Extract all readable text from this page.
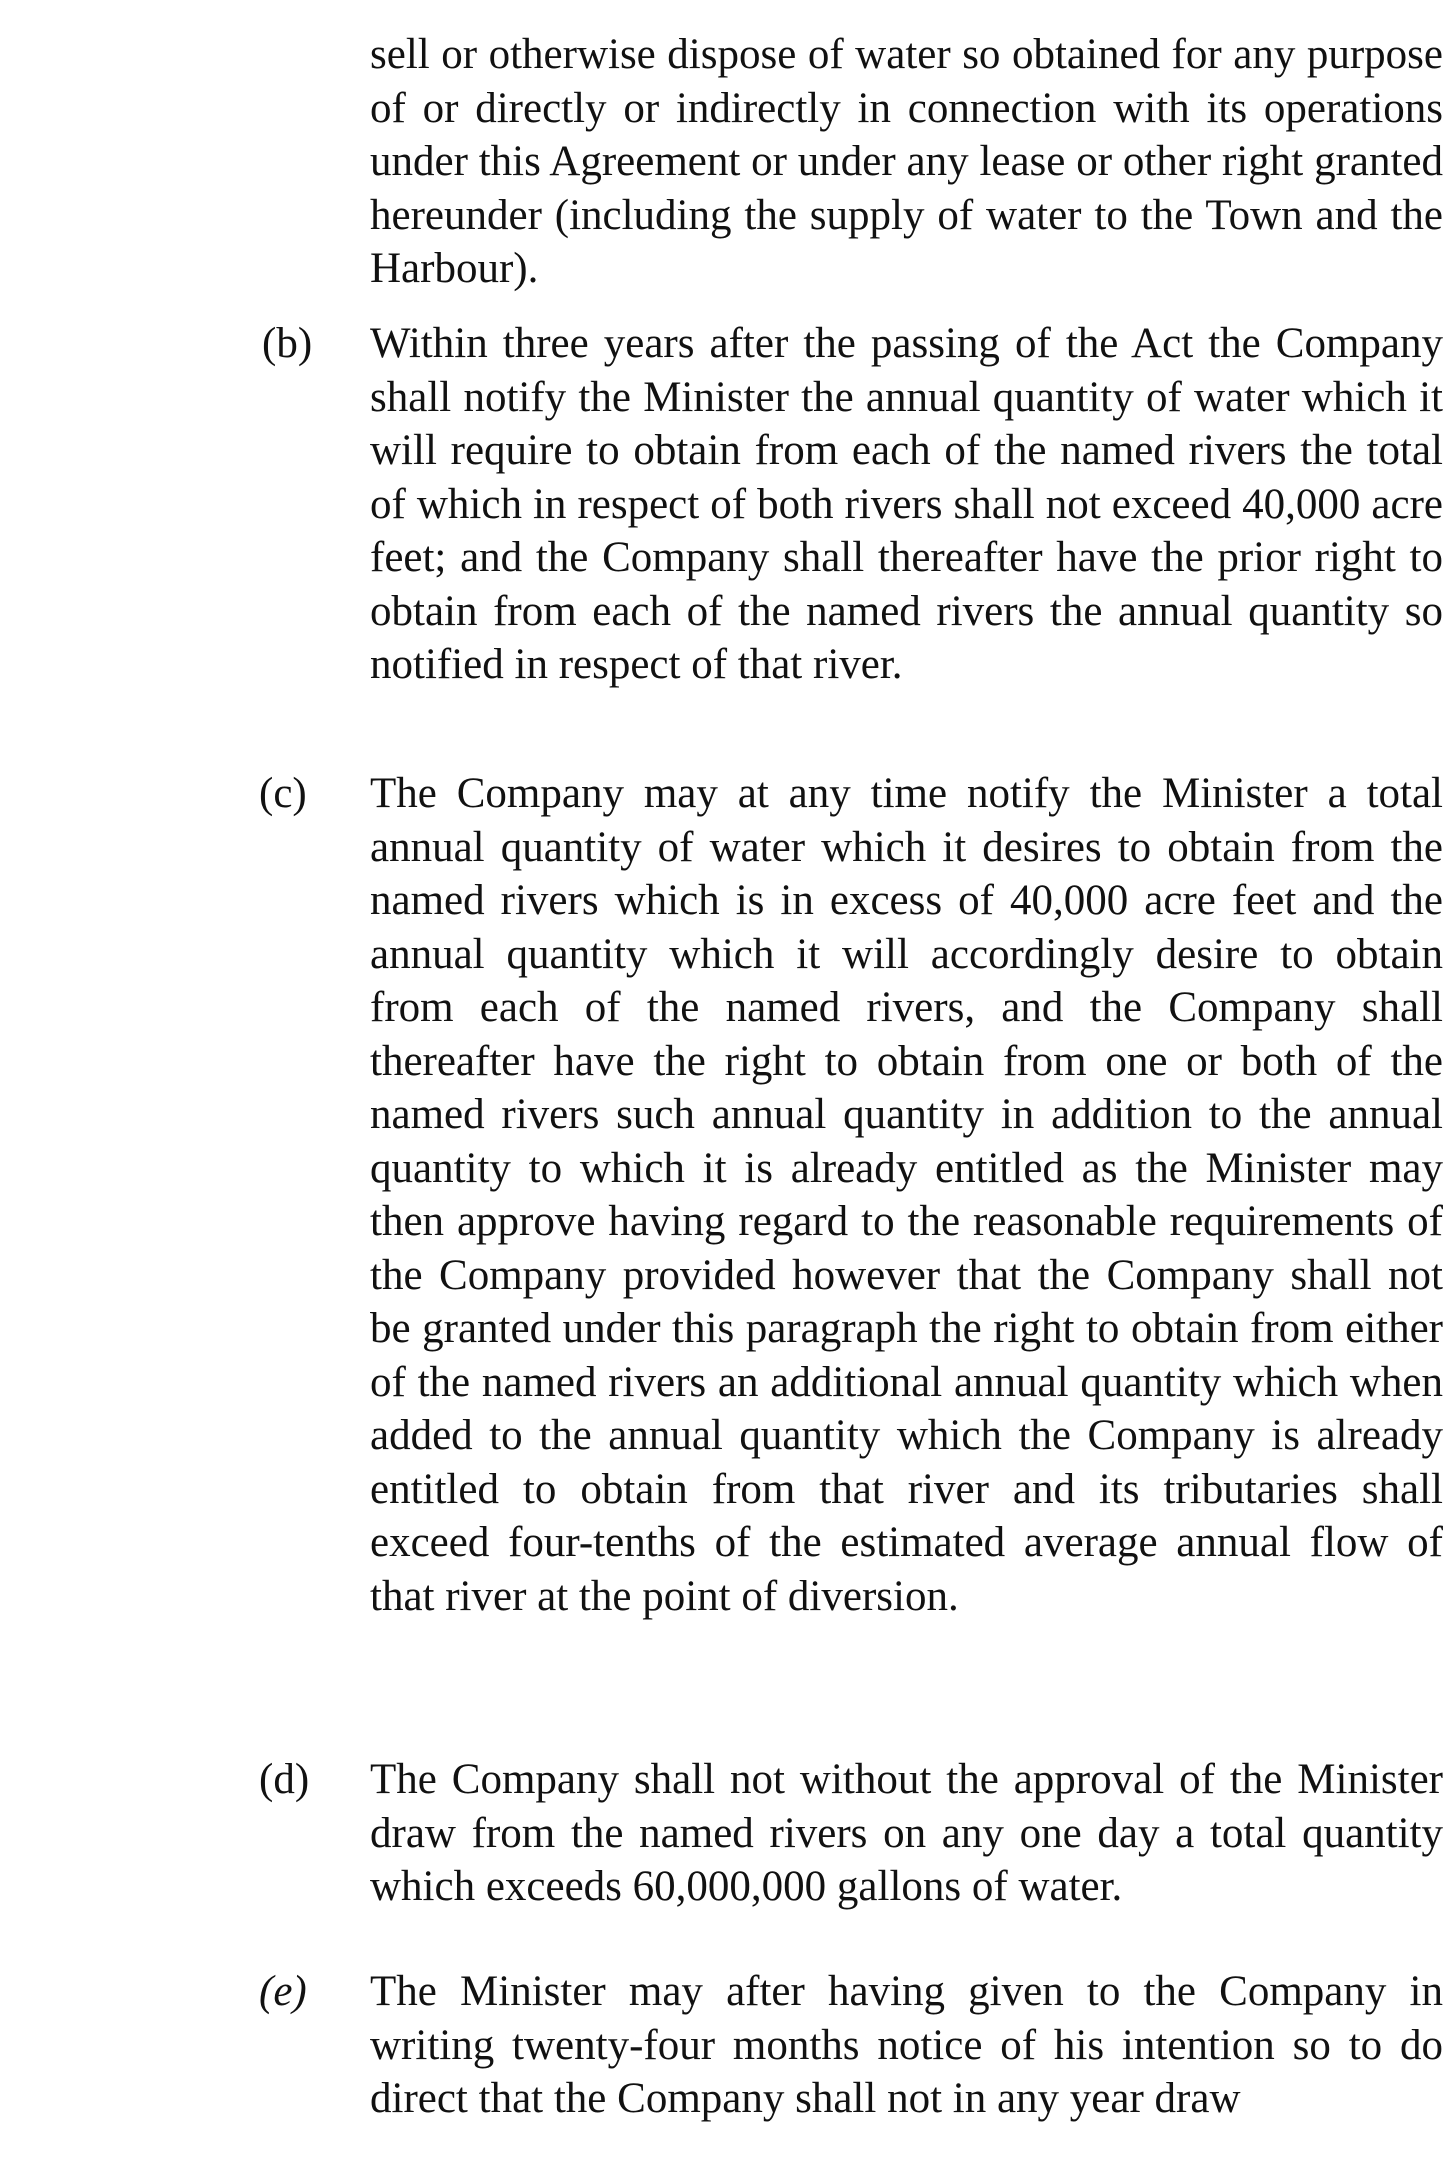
sell or otherwise dispose of water so obtained for any purpose of or directly or indirectly in connection with its operations under this Agreement or under any lease or other right granted hereunder (including the supply of water to the Town and the Harbour).

(b) Within three years after the passing of the Act the Company shall notify the Minister the annual quantity of water which it will require to obtain from each of the named rivers the total of which in respect of both rivers shall not exceed 40,000 acre feet; and the Company shall thereafter have the prior right to obtain from each of the named rivers the annual quantity so notified in respect of that river.
(c) The Company may at any time notify the Minister a total annual quantity of water which it desires to obtain from the named rivers which is in excess of 40,000 acre feet and the annual quantity which it will accordingly desire to obtain from each of the named rivers, and the Company shall thereafter have the right to obtain from one or both of the named rivers such annual quantity in addition to the annual quantity to which it is already entitled as the Minister may then approve having regard to the reasonable requirements of the Company provided however that the Company shall not be granted under this paragraph the right to obtain from either of the named rivers an additional annual quantity which when added to the annual quantity which the Company is already entitled to obtain from that river and its tributaries shall exceed four-tenths of the estimated average annual flow of that river at the point of diversion.
(d) The Company shall not without the approval of the Minister draw from the named rivers on any one day a total quantity which exceeds 60,000,000 gallons of water.
(e) The Minister may after having given to the Company in writing twenty-four months notice of his intention so to do direct that the Company shall not in any year draw
